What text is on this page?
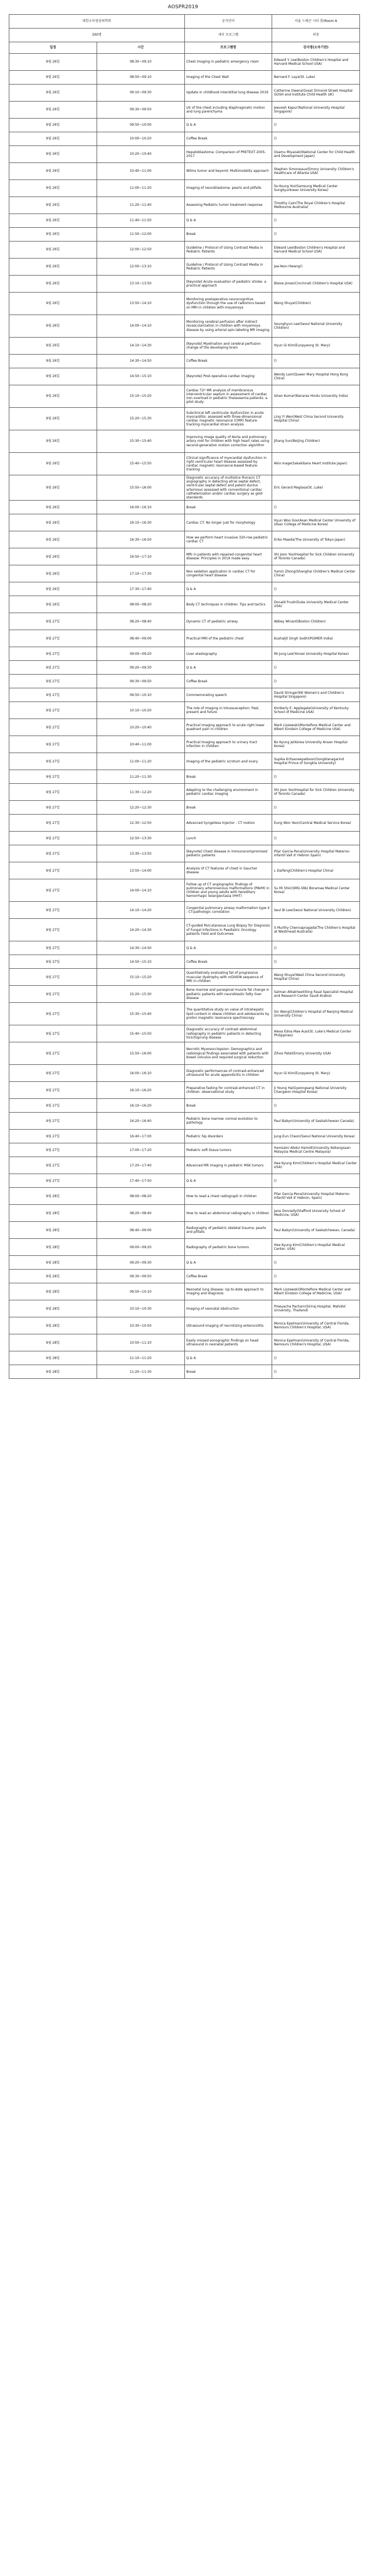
AOSPR2019
대한소아영상의학회		공식언어	서울 드래곤 시티 룸(Room A
300명		세부 프로그램	의장
일정	시간	프로그램명	강사명(소속기관)
9월 26일	08:30~09:10	Chest imaging in pediatric emergency room	Edward Y. Lee(Boston Children's Hospital and Harvard Medical School USA)
9월 26일	08:50~09:10	Imaging of the Chest Wall	Bernard F. Laya(St. Luke)
9월 26일	09:10~09:30	Update in childhood interstitial lung disease 2019	Catherine Owens(Great Ormond Street Hospital GOSH and Institute Child Health UK)
9월 26일	09:30~09:50	US of the chest including diaphragmatic motion and lung parenchyma	Jeevesh Kapur(National University Hospital Singapore)
9월 26일	09:50~10:00	Q & A	()
9월 26일	10:00~10:20	Coffee Break	()
9월 26일	10:20~10:40	Hepatoblastoma: Comparison of PRETEXT 2005-2017	Osamu Miyazaki(National Center for Child Health and Development Japan)
9월 26일	10:40~11:00	Wilms tumor and beyond: Multimodality approach	Stephen Simoneaux(Emory University Children's Healthcare of Atlanta USA)
9월 26일	11:00~11:20	Imaging of neuroblastoma: pearls and pitfalls	So-Young Yoo(Samsung Medical Center Sungkyunkwan University Korea)
9월 26일	11:20~11:40	Assessing Pediatric tumor treatment response	Timothy Cain(The Royal Children's Hospital Melbourne Australia)
9월 26일	11:40~11:50	Q & A	()
9월 26일	11:50~12:00	Break	()
9월 26일	12:00~12:50	Guideline / Protocol of Using Contrast Media in Pediatric Patients	Edward Lee(Boston Children's Hospital and Harvard Medical School USA)
9월 26일	12:00~13:10	Guideline / Protocol of Using Contrast Media in Pediatric Patients	Jae-Yeon Hwang()
9월 26일	13:10~13:50	[Keynote] Acute evaluation of pediatric stroke: a practical approach	Blaise Jones(Cincinnati Children's Hospital USA)
9월 26일	13:50~14:10	Monitoring postoperative neurocognitive dysfunction through the use of radiomics based on MRI in children with moyamoya	Wang Shuye(Children)
9월 26일	14:00~14:10	Monitoring cerebral perfusion after indirect revascularization in children with moyamoya disease by using arterial spin-labeling MR imaging	Seunghyun Lee(Seoul National University Children)
9월 26일	14:10~14:30	[Keynote] Myelination and cerebral perfusion change of the developing brain	Hyun Gi Kim(Eunpyeong St. Mary)
9월 26일	14:30~14:50	Coffee Break	()
9월 26일	14:50~15:10	[Keynote] Post-operative cardiac imaging	Wendy Lam(Queen Mary Hospital Hong Kong China)
9월 26일	15:10~15:20	Cardiac T2* MR analysis of membranous interventricular septum in assessment of cardiac iron overload in pediatric thalassemia patients: a pilot study	Ishan Kumar(Banaras Hindu University India)
9월 26일	15:20~15:30	Subclinical left ventricular dysfunction in acute myocarditis: assessed with three-dimensional cardiac magnetic resonance (CMR) feature-tracking myocardial strain analysis	Ling Yi Wen(West China Second University Hospital China)
9월 26일	15:30~15:40	Improving image quality of Aorta and pulmonary artery root for children with high heart rates using second-generation motion correction algorithm	Jihang Sun(Beijing Children)
9월 26일	15:40~15:50	Clinical significance of myocardial dysfunction in right ventricular heart disease assessed by cardiac magnetic resonance-based feature-tracking	Akio Inage(Sakakibara Heart Institute Japan)
9월 26일	15:50~16:00	Diagnostic accuracy of multislice thoracic CT angiography in detecting atrial septal defect, ventricular septal defect and patent ductus arteriosus assessed with conventional cardiac catheterization and/or cardiac surgery as gold standards	Eric Gerard Maglasa(St. Luke)
9월 26일	16:00~16:10	Break	()
9월 26일	16:10~16:30	Cardiac CT: No longer just for morphology	Hyun Woo Goo(Asan Medical Center University of Ulsan College of Medicine Korea)
9월 26일	16:30~16:50	How we perform heart invasive 320-row pediatric cardiac CT	Eriko Maeda(The University of Tokyo Japan)
9월 26일	16:50~17:10	MRI in patients with repaired congenital heart disease: Principles in 2019 made easy	Shi Joon Yoo(Hospital for Sick Children University of Toronto Canada)
9월 26일	17:10~17:30	Non sedation application in cardiac CT for congenital heart disease	Yumin Zhong(Shanghai Children's Medical Center China)
9월 26일	17:30~17:40	Q & A	()
9월 26일	08:00~08:20	Body CT techniques in children: Tips and tactics	Donald Frush(Duke University Medical Center USA)
9월 27일	08:20~08:40	Dynamic CT of pediatric airway	Abbey Winant(Boston Children)
9월 27일	08:40~09:00	Practical MRI of the pediatric chest	Kushaljit Singh Sodhi(PGIMER India)
9월 27일	09:00~09:20	Liver elastography	Mi-Jung Lee(Yonsei University Hospital Korea)
9월 27일	09:20~09:30	Q & A	()
9월 27일	09:30~09:50	Coffee Break	()
9월 27일	09:50~10:10	Commemorating speech	David Stringer(KK Women's and Children's Hospital Singapore)
9월 27일	10:10~10:20	The role of imaging in intussusception: Past, present and future	Kimberly E. Applegate(University of Kentucky School of Medicine USA)
9월 27일	10:20~10:40	Practical imaging approach to acute right lower quadrant pain in children	Mark Liszewski(Montefiore Medical Center and Albert Einstein College of Medicine USA)
9월 27일	10:40~11:00	Practical imaging approach to urinary tract infection in children	Bo Kyung Je(Korea University Ansan Hospital Korea)
9월 27일	11:00~11:20	Imaging of the pediatric scrotum and ovary	Supika Kritsaneepaiboon(Songklanagarind Hospital Prince of Songkla University)
9월 27일	11:20~11:30	Break	()
9월 27일	11:30~12:20	Adapting to the challenging environment in pediatric cardiac imaging	Shi Joon Yoo(Hospital for Sick Children University of Toronto Canada)
9월 27일	12:20~12:30	Break	()
9월 27일	12:30~12:50	Advanced Syngeliess Injector - CT motion	Eung Won Yeon(Central Medical Service Korea)
9월 27일	12:50~13:30	Lunch	()
9월 27일	13:30~13:50	[Keynote] Chest disease in immunocompromised pediatric patients	Pilar Garcia-Pena(University Hospital Materno-Infantil Vall d' Hebron Spain)
9월 27일	13:50~14:00	Analysis of CT features of chest in Gaucher disease	L Daifeng(Children's Hospital China)
9월 27일	14:00~14:10	Follow up of CT angiographic findings of pulmonary arteriovenous malformations (PAVM) in children and young adults with hereditary hemorrhagic telangiectasia (HHT)	Su Mi Shin(SMG-SNU Boramae Medical Center Korea)
9월 27일	14:10~14:20	Congenital pulmonary airway malformation type 4 : CT-pathologic correlation	Seul Bi Lee(Seoul National University Children)
9월 27일	14:20~14:30	CT-guided Percutaneous Lung Biopsy for Diagnosis of Fungal Infections in Paediatric Oncology patients Yield and Outcomes	S Murthy Chennapragada(The Children's Hospital at Westmead Australia)
9월 27일	14:30~14:50	Q & A	()
9월 27일	14:50~15:10	Coffee Break	()
9월 27일	15:10~15:20	Quantitatively evaluating fat of progressive muscular dystrophy with mDIXON sequence of MRI in children	Wang Shuye(West China Second University Hospital China)
9월 27일	15:20~15:30	Bone marrow and paraspinal muscle fat change in pediatric patients with neuroblastic fatty liver disease	Salman Albakheet(King Fasal Specialist Hospital and Research Center Saudi Arabia)
9월 27일	15:30~15:40	The quantitative study on value of intrahepatic lipid content in obese children and adolescents by proton magnetic resonance spectroscopy	Sin Wang(Children's Hospital of Nanjing Medical University China)
9월 27일	15:40~15:50	Diagnostic accuracy of contrast abdominal radiography in pediatric patients in detecting hirschsprung disease	Alexa Edna Mae Ausi(St. Luke's Medical Center Philippines)
9월 27일	15:50~16:00	Necrotic Myxosocclopsion: Demographics and radiological findings associated with patients with bowel volvulus and required surgical reduction	Zihoo Patel(Emory University USA)
9월 27일	16:00~16:10	Diagnostic performances of contrast-enhanced ultrasound for acute appendicitis in children	Hyun Gi Kim(Eunpyeong St. Mary)
9월 27일	16:10~16:20	Preparative fasting for contrast-enhanced CT in children: observational study	Ji Young Ha(Gyeongsang National University Changwon Hospital Korea)
9월 27일	16:10~16:20	Break	()
9월 27일	16:20~16:40	Pediatric bone marrow: normal evolution to pathology	Paul Babyn(University of Saskatchewan Canada)
9월 27일	16:40~17:00	Pediatric hip disorders	Jung-Eun Cheon(Seoul National University Korea)
9월 27일	17:00~17:20	Pediatric soft tissue tumors	Hamzaini Abdul Hamid(University Kebangsaan Malaysia Medical Centre Malaysia)
9월 27일	17:20~17:40	Advanced MR imaging in pediatric MSK tumors	Hee Kyung Kim(Children's Hospital Medical Center USA)
9월 27일	17:40~17:50	Q & A	()
9월 28일	08:00~08:20	How to read a chest radiograph in children	Pilar Garcia-Pena(University Hospital Materno-Infantil Vall d' Hebron, Spain)
9월 28일	08:20~08:40	How to read an abdominal radiography in children	Jane Donnelly(Stafford University School of Medicine, USA)
9월 28일	08:40~09:00	Radiography of pediatric skeletal trauma: pearls and pitfalls	Paul Babyn(University of Saskatchewan, Canada)
9월 28일	09:00~09:20	Radiography of pediatric bone tumors	Hee Kyung Kim(Children's Hospital Medical Center, USA)
9월 28일	09:20~09:30	Q & A	()
9월 28일	09:30~09:50	Coffee Break	()
9월 28일	09:50~10:10	Neonatal lung disease: Up-to-date approach to imaging and diagnosis	Mark Liszewski(Montefiore Medical Center and Albert Einstein College of Medicine, USA)
9월 28일	10:10~10:30	Imaging of neonatal obstruction	Preeyacha Pacharn(Siriraj Hospital, Mahidol University, Thailand)
9월 28일	10:30~10:50	Ultrasound imaging of necrotizing enterocolitis	Monica Epelman(University of Central Florida, Nemours Children's Hospital, USA)
9월 28일	10:50~11:10	Easily missed sonographic findings on head ultrasound in neonatal patients	Monica Epelman(University of Central Florida, Nemours Children's Hospital, USA)
9월 28일	11:10~11:20	Q & A	()
9월 28일	11:20~11:30	Break	()
